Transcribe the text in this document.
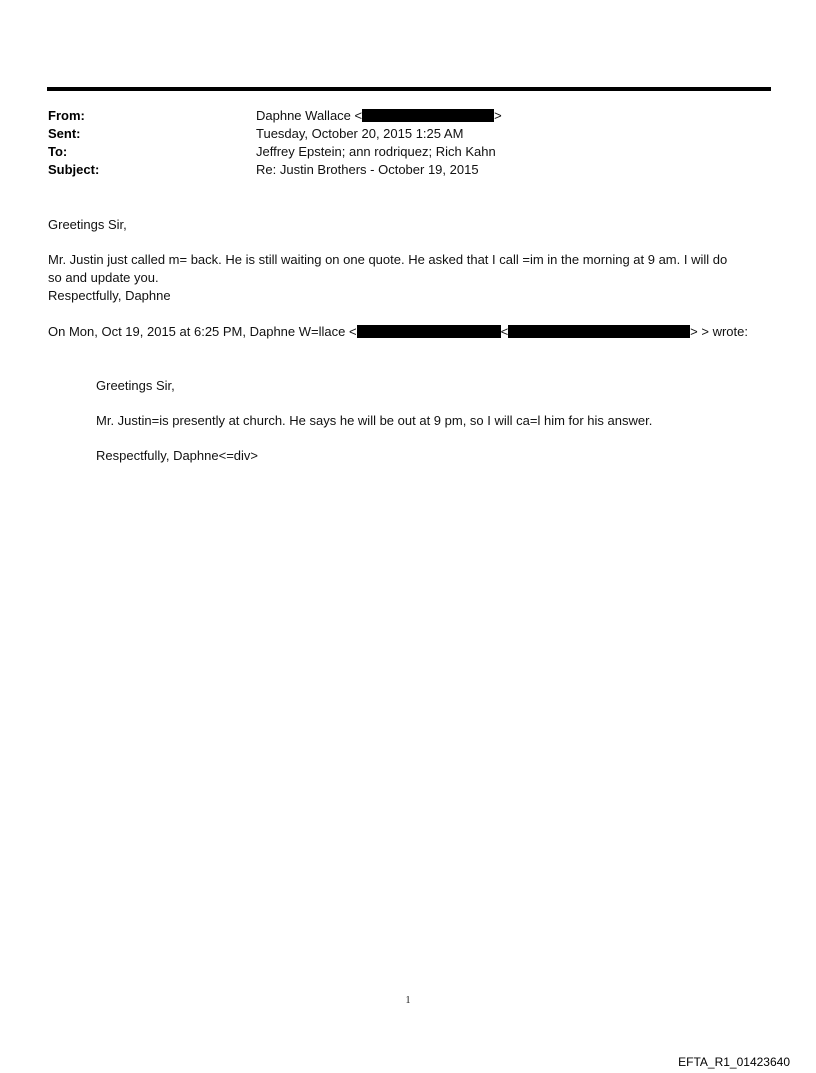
From:	Daphne Wallace <	>
Sent:	Tuesday, October 20, 2015 1:25 AM
To:	Jeffrey Epstein; ann rodriquez; Rich Kahn
Subject:	Re: Justin Brothers - October 19, 2015
Greetings Sir,
Mr. Justin just called m= back. He is still waiting on one quote. He asked that I call =im in the morning at 9 am. I will do
so and update you.
Respectfully, Daphne
On Mon, Oct 19, 2015 at 6:25 PM, Daphne W=llace <	<	> > wrote:
Greetings Sir,
Mr. Justin=is presently at church. He says he will be out at 9 pm, so I will ca=l him for his answer.
Respectfully, Daphne<=div>
1
EFTA_R1_01423640
